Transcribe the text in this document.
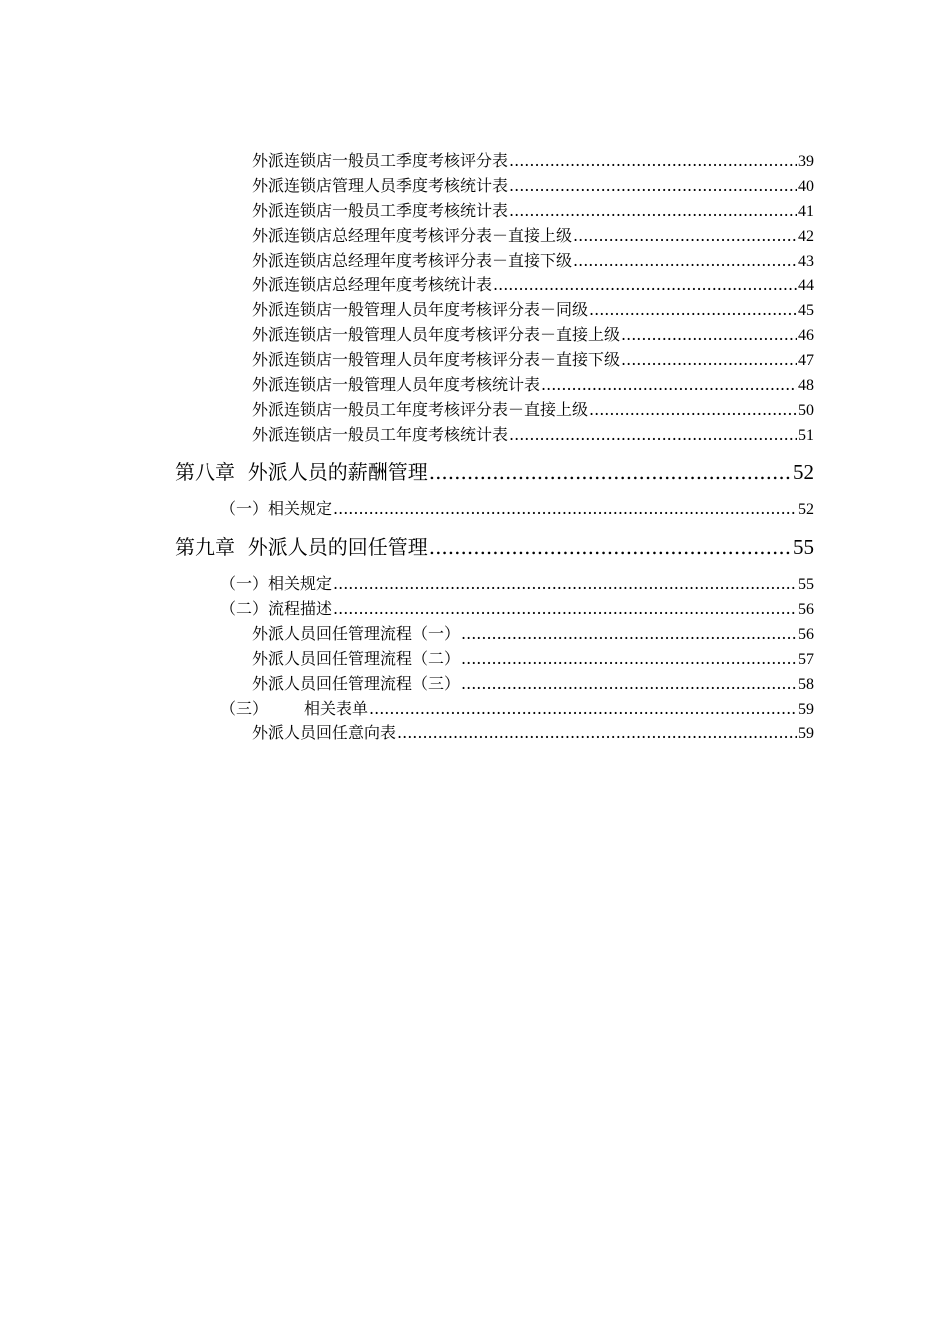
外派连锁店一般员工季度考核评分表 .....	39
外派连锁店管理人员季度考核统计表 .....	40
外派连锁店一般员工季度考核统计表 .....	41
外派连锁店总经理年度考核评分表－直接上级 .....	42
外派连锁店总经理年度考核评分表－直接下级 .....	43
外派连锁店总经理年度考核统计表 .....	44
外派连锁店一般管理人员年度考核评分表－同级 .....	45
外派连锁店一般管理人员年度考核评分表－直接上级 .....	46
外派连锁店一般管理人员年度考核评分表－直接下级 .....	47
外派连锁店一般管理人员年度考核统计表 .....	48
外派连锁店一般员工年度考核评分表－直接上级 .....	50
外派连锁店一般员工年度考核统计表 .....	51
第八章  外派人员的薪酬管理 .....	52
（一）相关规定 .....	52
第九章  外派人员的回任管理 .....	55
（一）相关规定 .....	55
（二）流程描述 .....	56
外派人员回任管理流程（一） .....	56
外派人员回任管理流程（二） .....	57
外派人员回任管理流程（三） .....	58
（三） 相关表单 .....	59
外派人员回任意向表 .....	59
